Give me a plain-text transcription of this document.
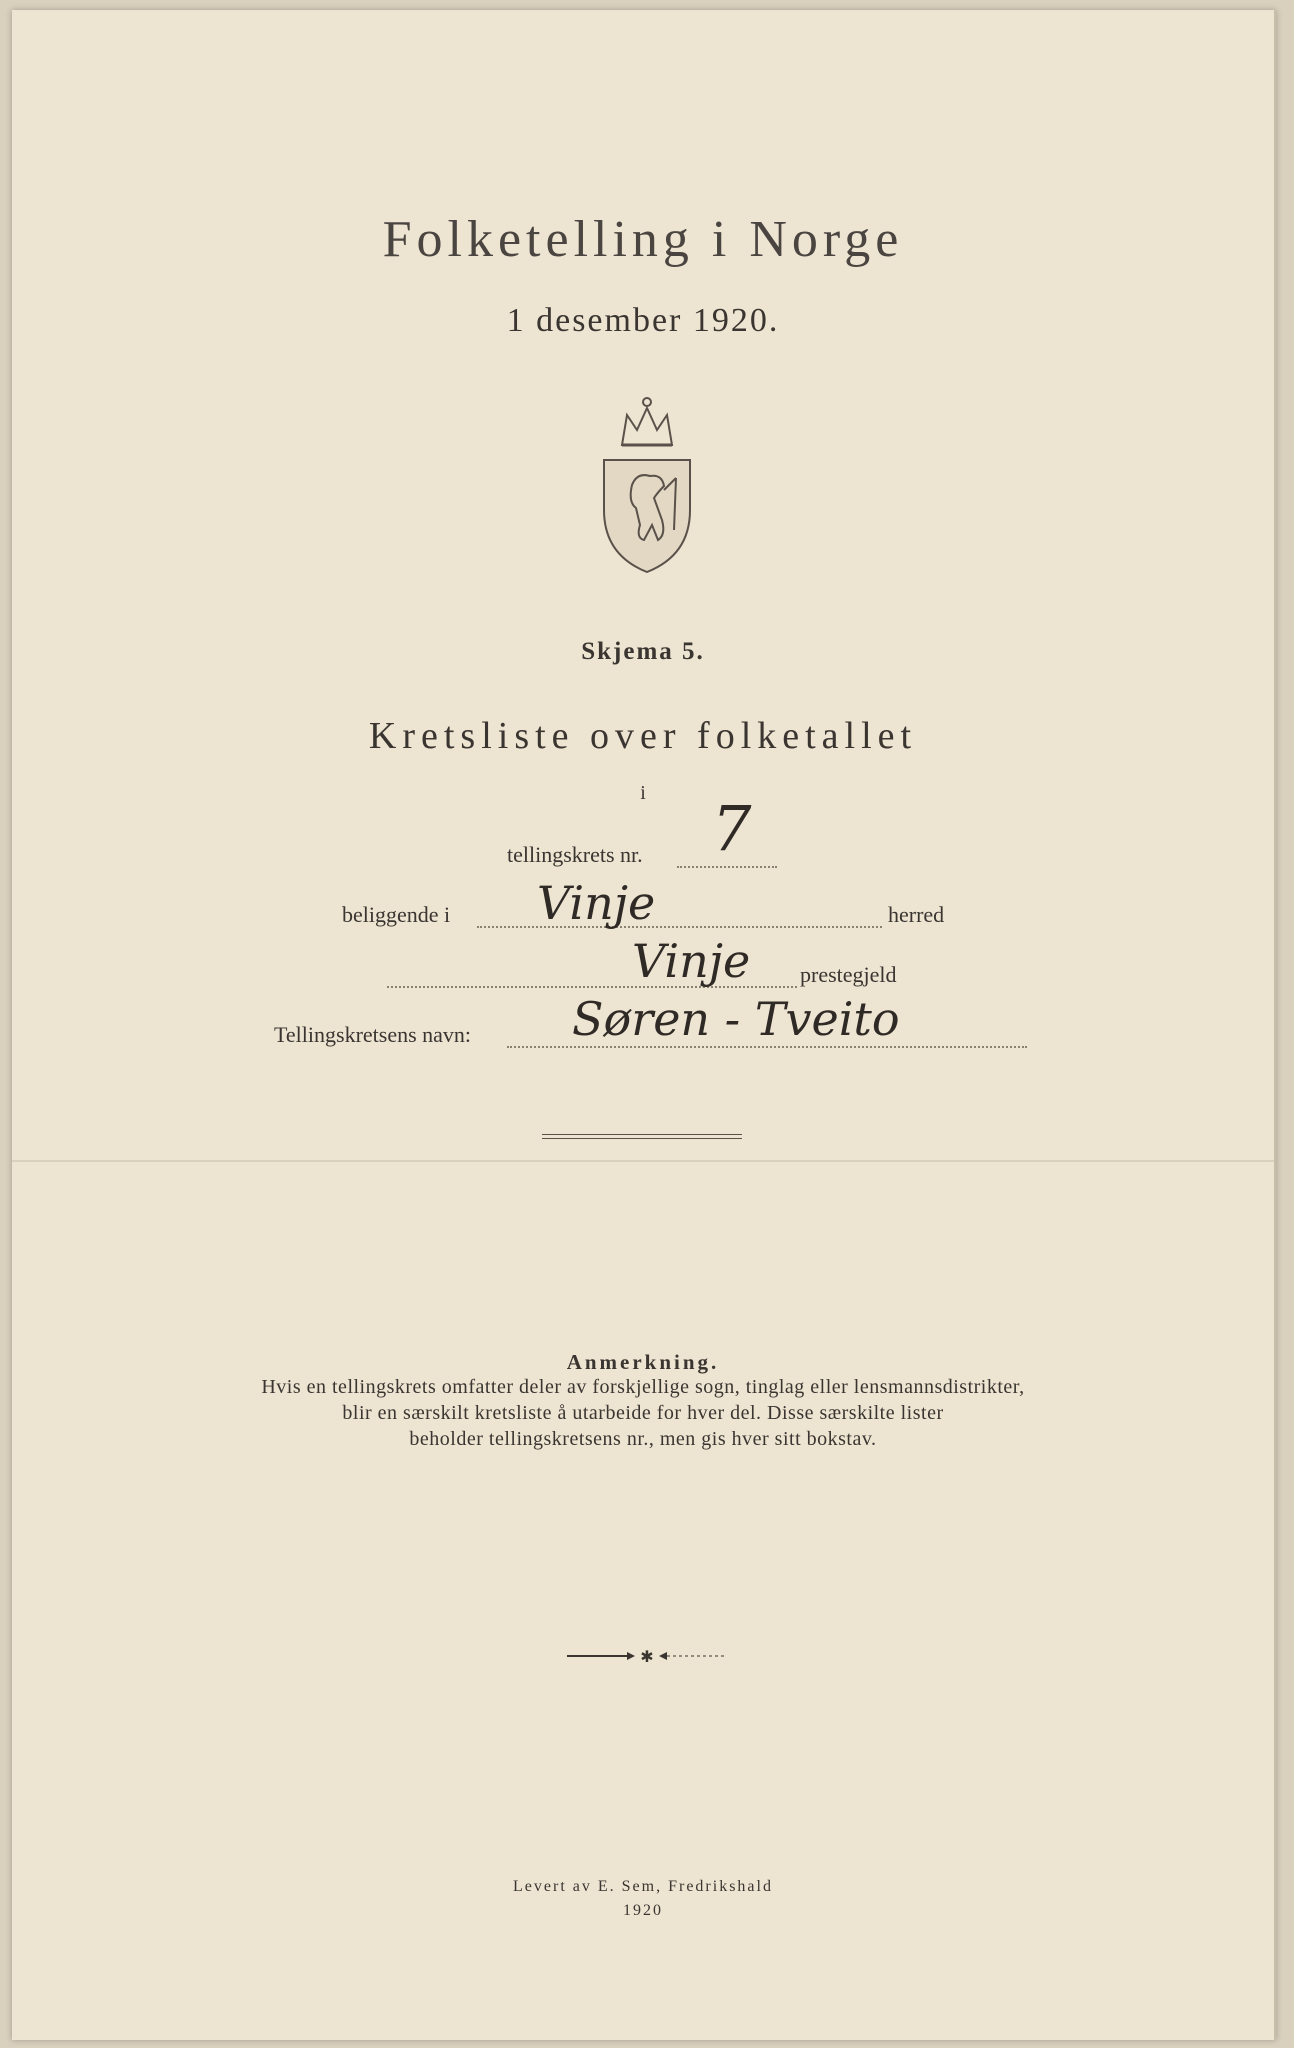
Folketelling i Norge
1 desember 1920.
Skjema 5.
Kretsliste over folketallet
i
tellingskrets nr. 7
beliggende i Vinje	herred
Vinje prestegjeld
Tellingskretsens navn: Søren - Tveito
Anmerkning.
Hvis en tellingskrets omfatter deler av forskjellige sogn, tinglag eller lensmannsdistrikter,
blir en særskilt kretsliste å utarbeide for hver del. Disse særskilte lister
beholder tellingskretsens nr., men gis hver sitt bokstav.
✱
Levert av E. Sem, Fredrikshald
1920
